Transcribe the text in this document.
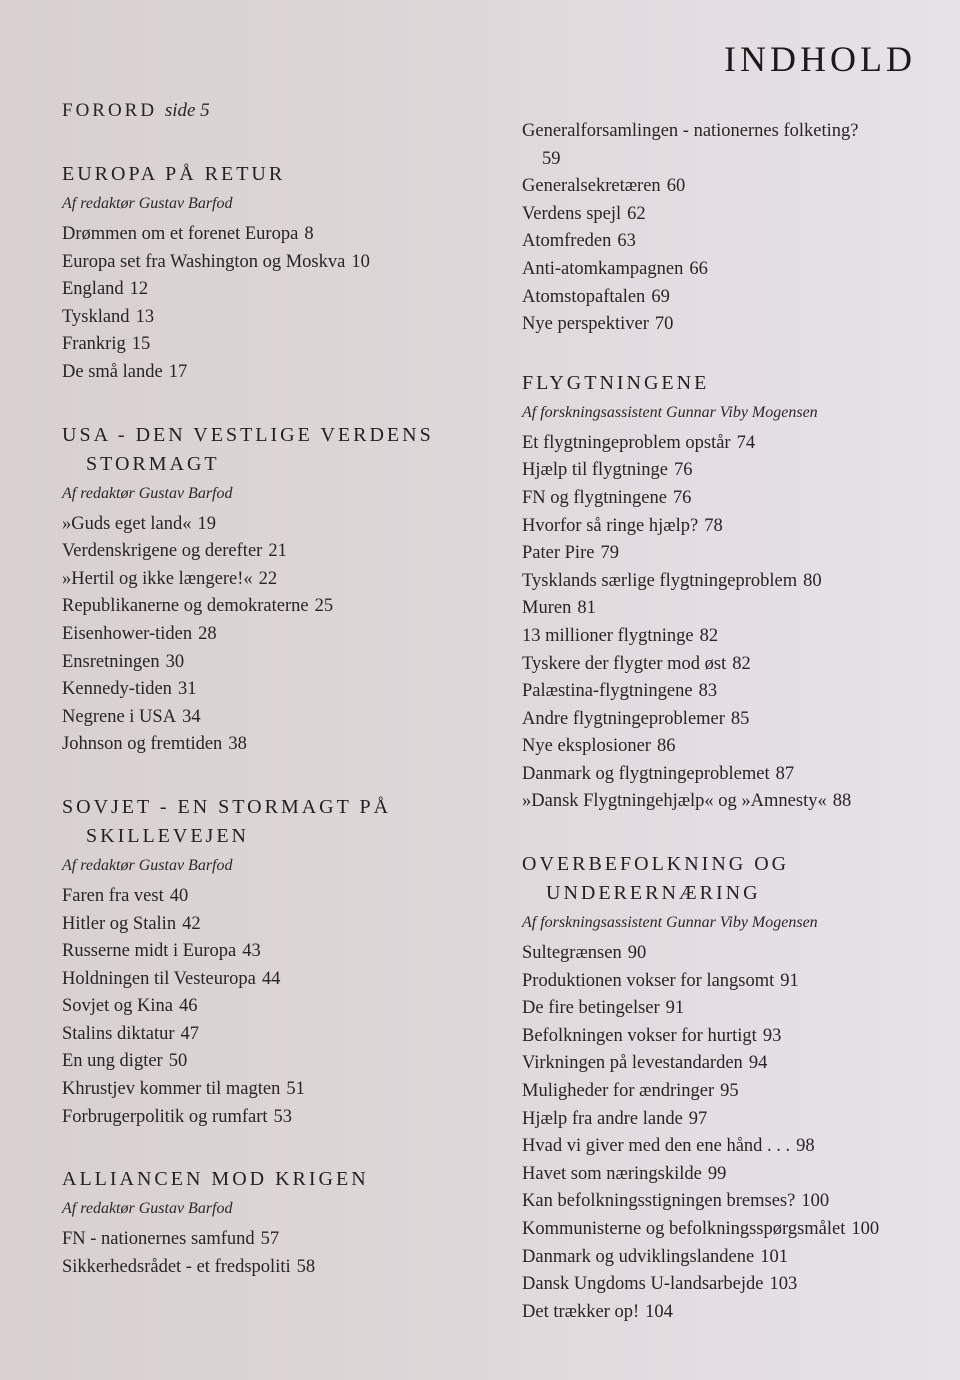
INDHOLD

FORORD side 5

EUROPA PÅ RETUR
Af redaktør Gustav Barfod
Drømmen om et forenet Europa 8
Europa set fra Washington og Moskva 10
England 12
Tyskland 13
Frankrig 15
De små lande 17
USA - DEN VESTLIGE VERDENS
STORMAGT
Af redaktør Gustav Barfod
»Guds eget land« 19
Verdenskrigene og derefter 21
»Hertil og ikke længere!« 22
Republikanerne og demokraterne 25
Eisenhower-tiden 28
Ensretningen 30
Kennedy-tiden 31
Negrene i USA 34
Johnson og fremtiden 38
SOVJET - EN STORMAGT PÅ
SKILLEVEJEN
Af redaktør Gustav Barfod
Faren fra vest 40
Hitler og Stalin 42
Russerne midt i Europa 43
Holdningen til Vesteuropa 44
Sovjet og Kina 46
Stalins diktatur 47
En ung digter 50
Khrustjev kommer til magten 51
Forbrugerpolitik og rumfart 53
ALLIANCEN MOD KRIGEN
Af redaktør Gustav Barfod
FN - nationernes samfund 57
Sikkerhedsrådet - et fredspoliti 58
Generalforsamlingen - nationernes folketing?
59
Generalsekretæren 60
Verdens spejl 62
Atomfreden 63
Anti-atomkampagnen 66
Atomstopaftalen 69
Nye perspektiver 70
FLYGTNINGENE
Af forskningsassistent Gunnar Viby Mogensen
Et flygtningeproblem opstår 74
Hjælp til flygtninge 76
FN og flygtningene 76
Hvorfor så ringe hjælp? 78
Pater Pire 79
Tysklands særlige flygtningeproblem 80
Muren 81
13 millioner flygtninge 82
Tyskere der flygter mod øst 82
Palæstina-flygtningene 83
Andre flygtningeproblemer 85
Nye eksplosioner 86
Danmark og flygtningeproblemet 87
»Dansk Flygtningehjælp« og »Amnesty« 88
OVERBEFOLKNING OG
UNDERERNÆRING
Af forskningsassistent Gunnar Viby Mogensen
Sultegrænsen 90
Produktionen vokser for langsomt 91
De fire betingelser 91
Befolkningen vokser for hurtigt 93
Virkningen på levestandarden 94
Muligheder for ændringer 95
Hjælp fra andre lande 97
Hvad vi giver med den ene hånd . . . 98
Havet som næringskilde 99
Kan befolkningsstigningen bremses? 100
Kommunisterne og befolkningsspørgsmålet 100
Danmark og udviklingslandene 101
Dansk Ungdoms U-landsarbejde 103
Det trækker op! 104
